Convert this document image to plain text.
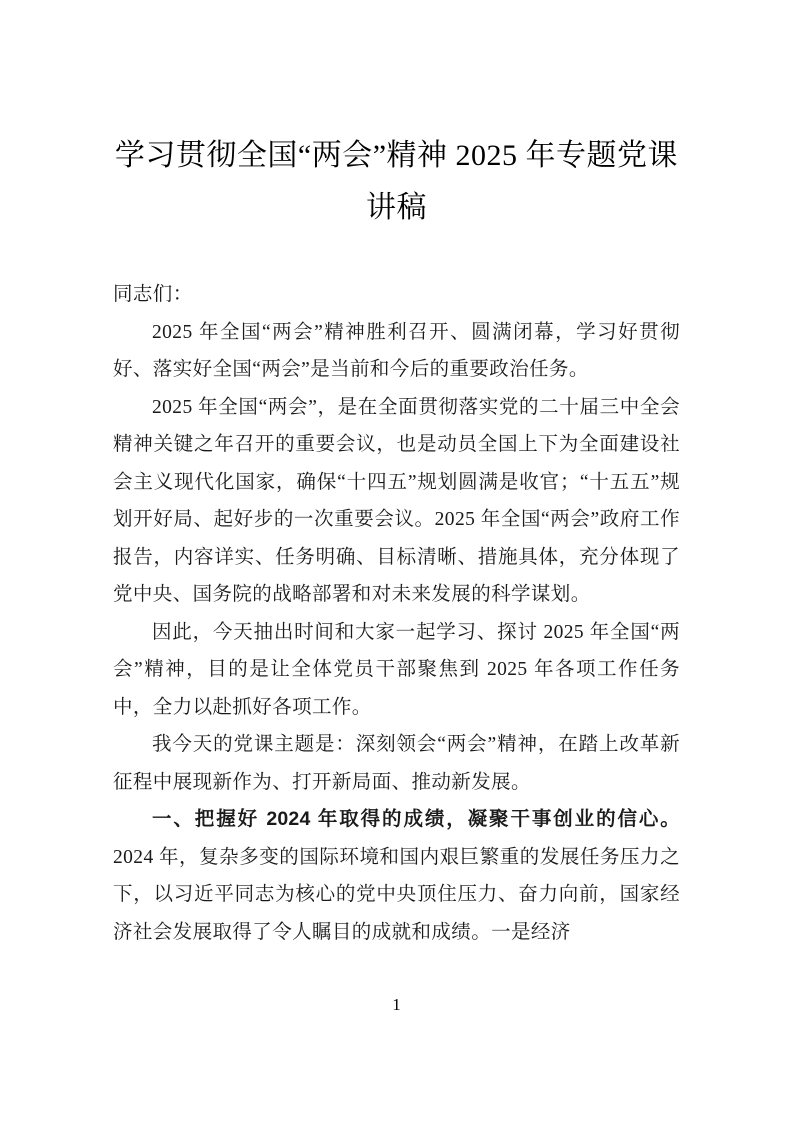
学习贯彻全国“两会”精神 2025 年专题党课讲稿

同志们：

2025 年全国“两会”精神胜利召开、圆满闭幕，学习好贯彻好、落实好全国“两会”是当前和今后的重要政治任务。

2025 年全国“两会”，是在全面贯彻落实党的二十届三中全会精神关键之年召开的重要会议，也是动员全国上下为全面建设社会主义现代化国家，确保“十四五”规划圆满是收官；“十五五”规划开好局、起好步的一次重要会议。2025 年全国“两会”政府工作报告，内容详实、任务明确、目标清晰、措施具体，充分体现了党中央、国务院的战略部署和对未来发展的科学谋划。

因此，今天抽出时间和大家一起学习、探讨 2025 年全国“两会”精神，目的是让全体党员干部聚焦到 2025 年各项工作任务中，全力以赴抓好各项工作。

我今天的党课主题是：深刻领会“两会”精神，在踏上改革新征程中展现新作为、打开新局面、推动新发展。

一、把握好 2024 年取得的成绩，凝聚干事创业的信心。2024 年，复杂多变的国际环境和国内艰巨繁重的发展任务压力之下，以习近平同志为核心的党中央顶住压力、奋力向前，国家经济社会发展取得了令人瞩目的成就和成绩。一是经济

1
